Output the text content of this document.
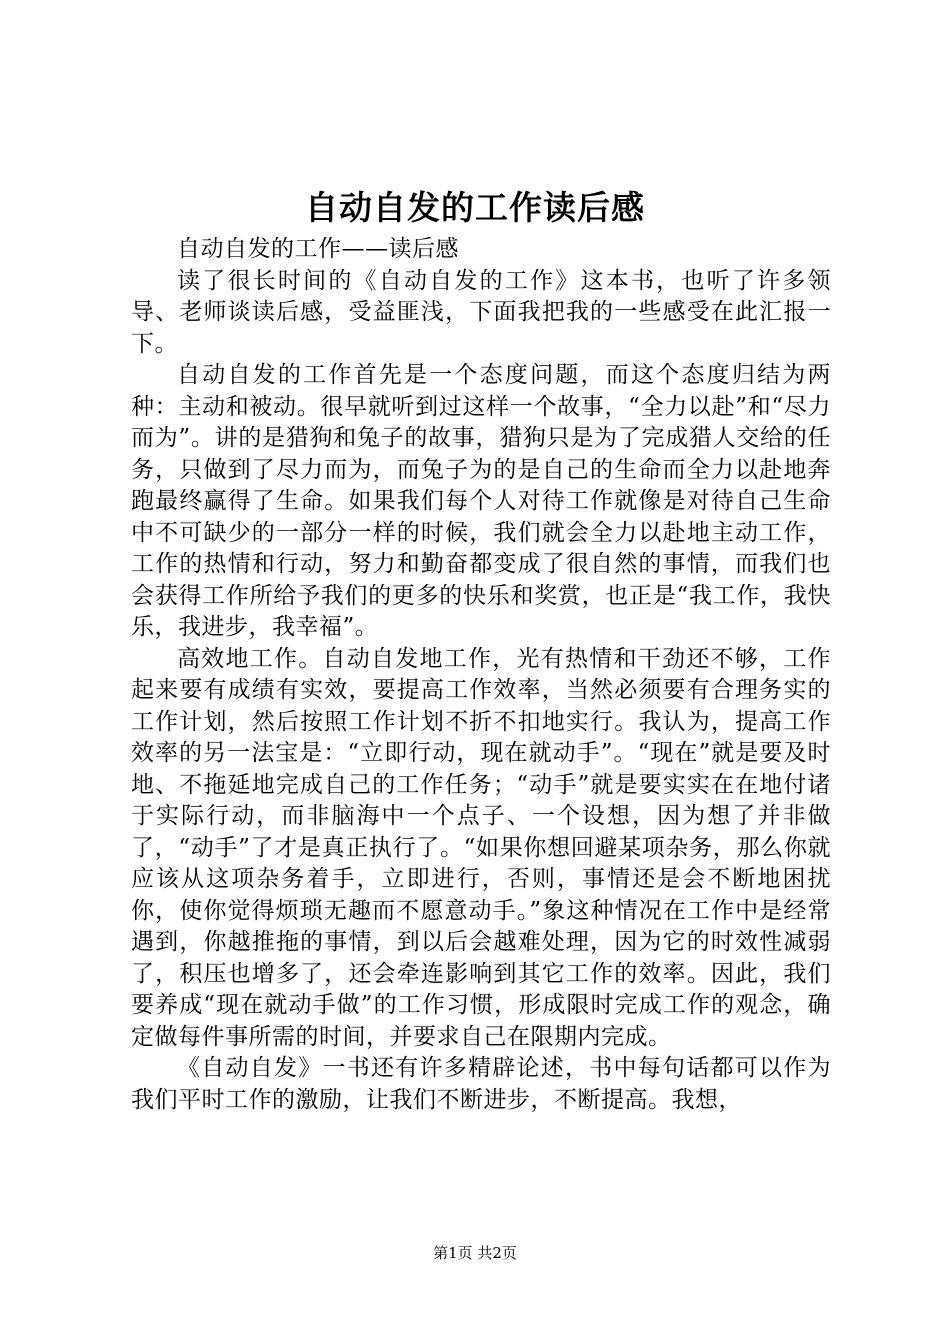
自动自发的工作读后感

自动自发的工作——读后感

读了很长时间的《自动自发的工作》这本书，也听了许多领导、老师谈读后感，受益匪浅，下面我把我的一些感受在此汇报一下。

自动自发的工作首先是一个态度问题，而这个态度归结为两种：主动和被动。很早就听到过这样一个故事，“全力以赴”和“尽力而为”。讲的是猎狗和兔子的故事，猎狗只是为了完成猎人交给的任务，只做到了尽力而为，而兔子为的是自己的生命而全力以赴地奔跑最终赢得了生命。如果我们每个人对待工作就像是对待自己生命中不可缺少的一部分一样的时候，我们就会全力以赴地主动工作，工作的热情和行动，努力和勤奋都变成了很自然的事情，而我们也会获得工作所给予我们的更多的快乐和奖赏，也正是“我工作，我快乐，我进步，我幸福”。

高效地工作。自动自发地工作，光有热情和干劲还不够，工作起来要有成绩有实效，要提高工作效率，当然必须要有合理务实的工作计划，然后按照工作计划不折不扣地实行。我认为，提高工作效率的另一法宝是：“立即行动，现在就动手”。“现在”就是要及时地、不拖延地完成自己的工作任务；“动手”就是要实实在在地付诸于实际行动，而非脑海中一个点子、一个设想，因为想了并非做了，“动手”了才是真正执行了。“如果你想回避某项杂务，那么你就应该从这项杂务着手，立即进行，否则，事情还是会不断地困扰你，使你觉得烦琐无趣而不愿意动手。”象这种情况在工作中是经常遇到，你越推拖的事情，到以后会越难处理，因为它的时效性减弱了，积压也增多了，还会牵连影响到其它工作的效率。因此，我们要养成“现在就动手做”的工作习惯，形成限时完成工作的观念，确定做每件事所需的时间，并要求自己在限期内完成。

《自动自发》一书还有许多精辟论述，书中每句话都可以作为我们平时工作的激励，让我们不断进步，不断提高。我想，

第1页 共2页
